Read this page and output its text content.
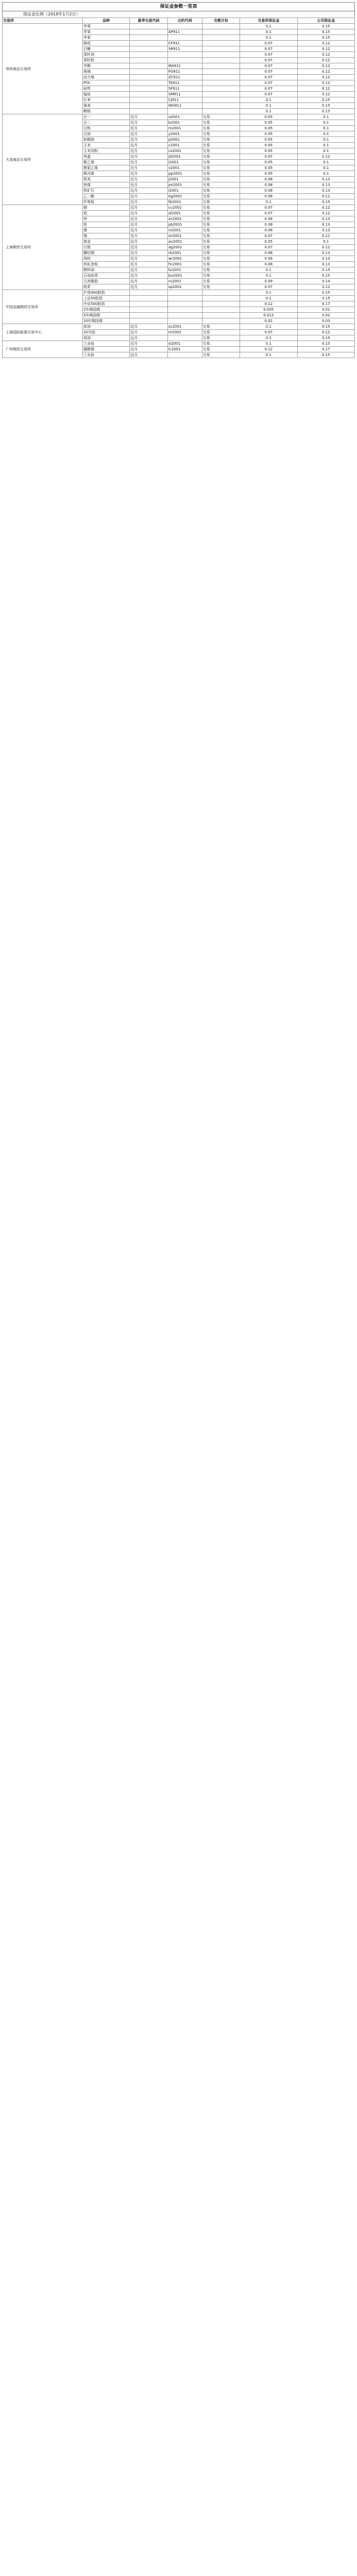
保证金参数一览表
保证金比例（2019年1月2日）
交易所	品种	夏季交易代码	合约代码	交割月份	交易所保证金	公司保证金
郑州商品交易所	苹果				0.1	0.15
	苹果		AP911		0.1	0.15
	苹果				0.1	0.15
	棉花		CF911		0.07	0.12
	白糖		SR911		0.07	0.12
	菜籽油				0.07	0.12
	菜籽粕				0.07	0.12
	甲醇		MA911		0.07	0.12
	玻璃		FG911		0.07	0.12
	动力煤		ZC911		0.07	0.12
	PTA		TA911		0.07	0.12
	硅铁		SF911		0.07	0.12
	锰硅		SM911		0.07	0.12
	红枣		CJ911		0.1	0.15
	强麦		WH911		0.1	0.15
	粳稻				0.1	0.15
大连商品交易所	豆一	近月	a2001	交易	0.05	0.1
	豆二	近月	b2001	交易	0.05	0.1
	豆粕	近月	m2001	交易	0.05	0.1
	豆油	近月	y2001	交易	0.05	0.1
	棕榈油	近月	p2001	交易	0.05	0.1
	玉米	近月	c2001	交易	0.05	0.1
	玉米淀粉	近月	cs2001	交易	0.05	0.1
	鸡蛋	近月	jd2001	交易	0.07	0.12
	聚乙烯	近月	l2001	交易	0.05	0.1
	聚氯乙烯	近月	v2001	交易	0.05	0.1
	聚丙烯	近月	pp2001	交易	0.05	0.1
	焦炭	近月	j2001	交易	0.08	0.13
	焦煤	近月	jm2001	交易	0.08	0.13
	铁矿石	近月	i2001	交易	0.08	0.13
	乙二醇	近月	eg2001	交易	0.06	0.11
	纤维板	近月	fb2001	交易	0.1	0.15
上海期货交易所	铜	近月	cu2001	交易	0.07	0.12
	铝	近月	al2001	交易	0.07	0.12
	锌	近月	zn2001	交易	0.08	0.13
	铅	近月	pb2001	交易	0.08	0.13
	镍	近月	ni2001	交易	0.08	0.13
	锡	近月	sn2001	交易	0.07	0.12
	黄金	近月	au2001	交易	0.05	0.1
	白银	近月	ag2001	交易	0.07	0.12
	螺纹钢	近月	rb2001	交易	0.08	0.13
	线材	近月	wr2001	交易	0.08	0.13
	热轧卷板	近月	hc2001	交易	0.08	0.13
	燃料油	近月	fu2001	交易	0.1	0.15
	石油沥青	近月	bu2001	交易	0.1	0.15
	天然橡胶	近月	ru2001	交易	0.09	0.14
	纸浆	近月	sp2001	交易	0.07	0.12
中国金融期货交易所	沪深300股指				0.1	0.15
	上证50股指				0.1	0.15
	中证500股指				0.12	0.17
	2年期国债				0.005	0.01
	5年期国债				0.012	0.02
	10年期国债				0.02	0.03
上海国际能源交易中心	原油	近月	sc2001	交易	0.1	0.15
	20号胶	近月	nr2001	交易	0.07	0.12
	原油	远月		交易	0.1	0.15
广州期货交易所	工业硅	近月	si2001	交易	0.1	0.15
	碳酸锂	近月	lc2001	交易	0.12	0.17
	工业硅	远月		交易	0.1	0.15
